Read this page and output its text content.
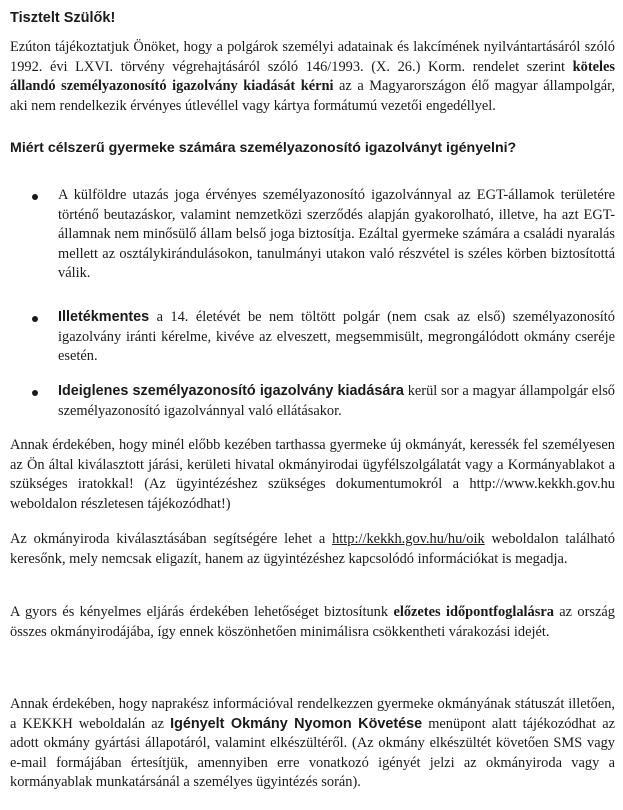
Tisztelt Szülők!

Ezúton tájékoztatjuk Önöket, hogy a polgárok személyi adatainak és lakcímének nyilvántartásáról szóló 1992. évi LXVI. törvény végrehajtásáról szóló 146/1993. (X. 26.) Korm. rendelet szerint köteles állandó személyazonosító igazolvány kiadását kérni az a Magyarországon élő magyar állampolgár, aki nem rendelkezik érvényes útlevéllel vagy kártya formátumú vezetői engedéllyel.

Miért célszerű gyermeke számára személyazonosító igazolványt igényelni?

A külföldre utazás joga érvényes személyazonosító igazolvánnyal az EGT-államok területére történő beutazáskor, valamint nemzetközi szerződés alapján gyakorolható, illetve, ha azt EGT-államnak nem minősülő állam belső joga biztosítja. Ezáltal gyermeke számára a családi nyaralás mellett az osztálykirándulásokon, tanulmányi utakon való részvétel is széles körben biztosítottá válik.

Illetékmentes a 14. életévét be nem töltött polgár (nem csak az első) személyazonosító igazolvány iránti kérelme, kivéve az elveszett, megsemmisült, megrongálódott okmány cseréje esetén.

Ideiglenes személyazonosító igazolvány kiadására kerül sor a magyar állampolgár első személyazonosító igazolvánnyal való ellátásakor.

Annak érdekében, hogy minél előbb kezében tarthassa gyermeke új okmányát, keressék fel személyesen az Ön által kiválasztott járási, kerületi hivatal okmányirodai ügyfélszolgálatát vagy a Kormányablakot a szükséges iratokkal! (Az ügyintézéshez szükséges dokumentumokról a http://www.kekkh.gov.hu weboldalon részletesen tájékozódhat!)

Az okmányiroda kiválasztásában segítségére lehet a http://kekkh.gov.hu/hu/oik weboldalon található keresőnk, mely nemcsak eligazít, hanem az ügyintézéshez kapcsolódó információkat is megadja.

A gyors és kényelmes eljárás érdekében lehetőséget biztosítunk előzetes időpontfoglalásra az ország összes okmányirodájába, így ennek köszönhetően minimálisra csökkentheti várakozási idejét.

Annak érdekében, hogy naprakész információval rendelkezzen gyermeke okmányának státuszát illetően, a KEKKH weboldalán az Igényelt Okmány Nyomon Követése menüpont alatt tájékozódhat az adott okmány gyártási állapotáról, valamint elkészültéről. (Az okmány elkészültét követően SMS vagy e-mail formájában értesítjük, amennyiben erre vonatkozó igényét jelzi az okmányiroda vagy a kormányablak munkatársánál a személyes ügyintézés során).
